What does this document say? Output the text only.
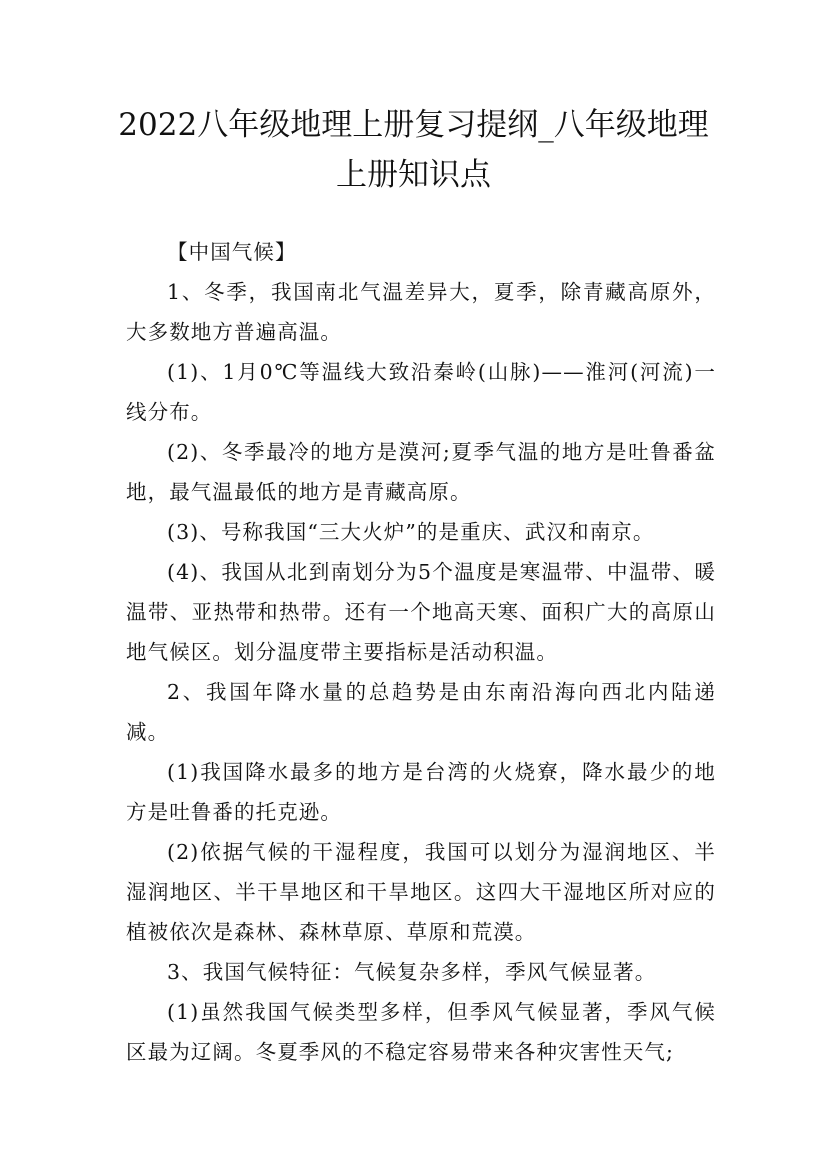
2022八年级地理上册复习提纲_八年级地理
上册知识点

【中国气候】

1、冬季，我国南北气温差异大，夏季，除青藏高原外，大多数地方普遍高温。

(1)、1月0℃等温线大致沿秦岭(山脉)——淮河(河流)一线分布。

(2)、冬季最冷的地方是漠河;夏季气温的地方是吐鲁番盆地，最气温最低的地方是青藏高原。

(3)、号称我国“三大火炉”的是重庆、武汉和南京。

(4)、我国从北到南划分为5个温度是寒温带、中温带、暖温带、亚热带和热带。还有一个地高天寒、面积广大的高原山地气候区。划分温度带主要指标是活动积温。

2、我国年降水量的总趋势是由东南沿海向西北内陆递减。

(1)我国降水最多的地方是台湾的火烧寮，降水最少的地方是吐鲁番的托克逊。

(2)依据气候的干湿程度，我国可以划分为湿润地区、半湿润地区、半干旱地区和干旱地区。这四大干湿地区所对应的植被依次是森林、森林草原、草原和荒漠。

3、我国气候特征：气候复杂多样，季风气候显著。

(1)虽然我国气候类型多样，但季风气候显著，季风气候区最为辽阔。冬夏季风的不稳定容易带来各种灾害性天气;
